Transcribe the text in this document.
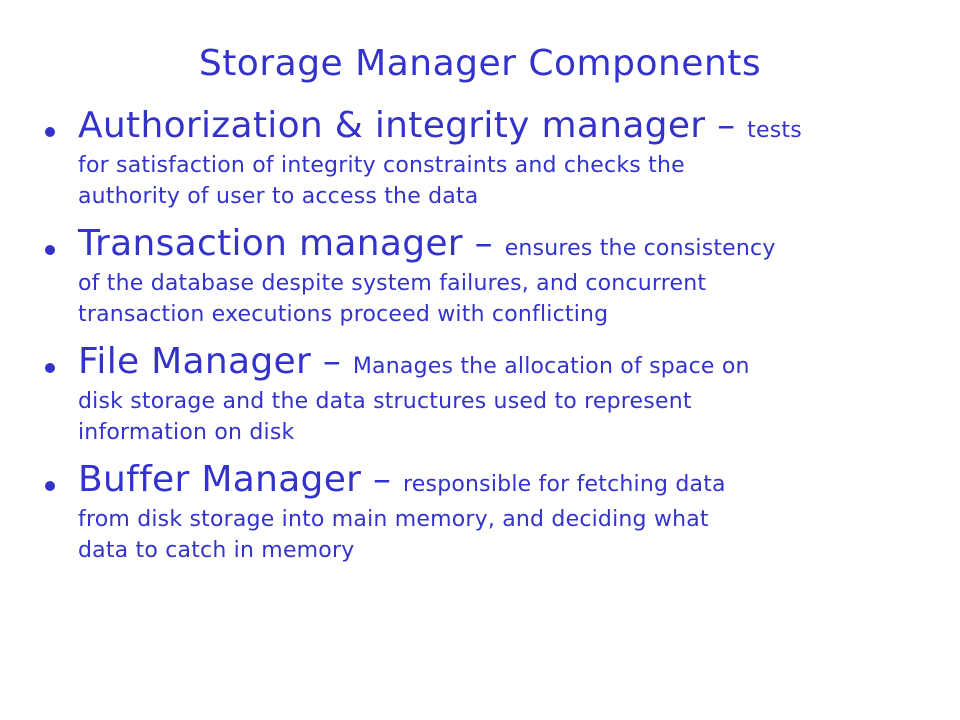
Storage Manager Components
Authorization & integrity manager – tests
for satisfaction of integrity constraints and checks the
authority of user to access the data
Transaction manager – ensures the consistency
of the database despite system failures, and concurrent
transaction executions proceed with conflicting
File Manager – Manages the allocation of space on
disk storage and the data structures used to represent
information on disk
Buffer Manager – responsible for fetching data
from disk storage into main memory, and deciding what
data to catch in memory
